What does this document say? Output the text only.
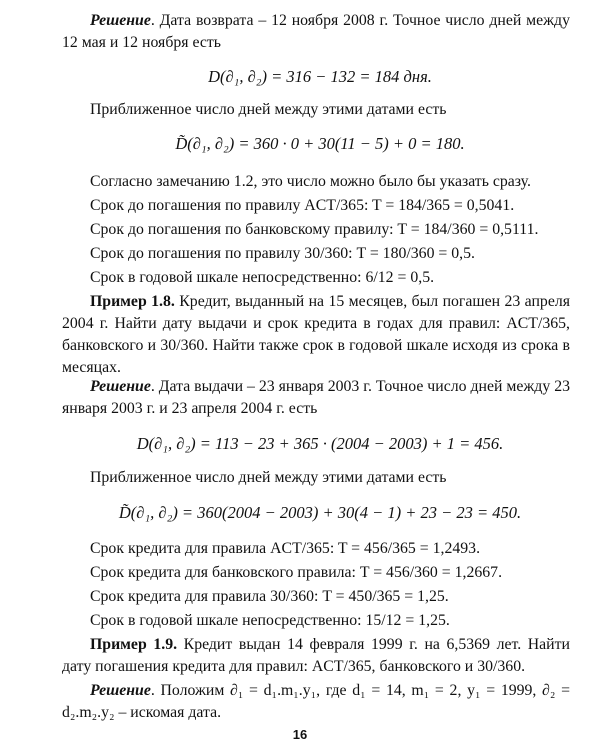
Решение. Дата возврата – 12 ноября 2008 г. Точное число дней между 12 мая и 12 ноября есть

D(∂₁, ∂₂) = 316 − 132 = 184 дня.

Приближенное число дней между этими датами есть

D̃(∂₁, ∂₂) = 360 · 0 + 30(11 − 5) + 0 = 180.

Согласно замечанию 1.2, это число можно было бы указать сразу.

Срок до погашения по правилу ACT/365: T = 184/365 = 0,5041.

Срок до погашения по банковскому правилу: T = 184/360 = 0,5111.

Срок до погашения по правилу 30/360: T = 180/360 = 0,5.

Срок в годовой шкале непосредственно: 6/12 = 0,5.

Пример 1.8. Кредит, выданный на 15 месяцев, был погашен 23 апреля 2004 г. Найти дату выдачи и срок кредита в годах для правил: ACT/365, банковского и 30/360. Найти также срок в годовой шкале исходя из срока в месяцах.

Решение. Дата выдачи – 23 января 2003 г. Точное число дней между 23 января 2003 г. и 23 апреля 2004 г. есть

D(∂₁, ∂₂) = 113 − 23 + 365 · (2004 − 2003) + 1 = 456.

Приближенное число дней между этими датами есть

D̃(∂₁, ∂₂) = 360(2004 − 2003) + 30(4 − 1) + 23 − 23 = 450.

Срок кредита для правила ACT/365: T = 456/365 = 1,2493.

Срок кредита для банковского правила: T = 456/360 = 1,2667.

Срок кредита для правила 30/360: T = 450/365 = 1,25.

Срок в годовой шкале непосредственно: 15/12 = 1,25.

Пример 1.9. Кредит выдан 14 февраля 1999 г. на 6,5369 лет. Найти дату погашения кредита для правил: ACT/365, банковского и 30/360.

Решение. Положим ∂₁ = d₁.m₁.y₁, где d₁ = 14, m₁ = 2, y₁ = 1999, ∂₂ = d₂.m₂.y₂ – искомая дата.

16
